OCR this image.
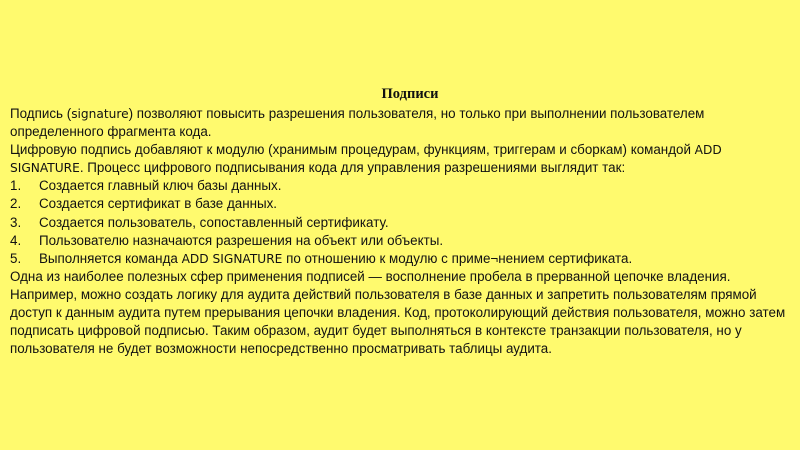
Подписи

Подпись (signature) позволяют повысить разрешения пользователя, но только при выполнении пользователем определенного фрагмента кода.

Цифровую подпись добавляют к модулю (хранимым процедурам, функциям, триггерам и сборкам) командой ADD SIGNATURE. Процесс цифрового подписывания кода для управления разрешениями выглядит так:

1.	Создается главный ключ базы данных.
2.	Создается сертификат в базе данных.
3.	Создается пользователь, сопоставленный сертификату.
4.	Пользователю назначаются разрешения на объект или объекты.
5.	Выполняется команда ADD SIGNATURE по отношению к модулю с приме¬нением сертификата.

Одна из наиболее полезных сфер применения подписей — восполнение пробела в прерванной цепочке владения.

Например, можно создать логику для аудита действий пользователя в базе данных и запретить пользователям прямой доступ к данным аудита путем прерывания цепочки владения. Код, протоколирующий действия пользователя, можно затем подписать цифровой подписью. Таким образом, аудит будет выполняться в контексте транзакции пользователя, но у пользователя не будет возможности непосредственно просматривать таблицы аудита.
